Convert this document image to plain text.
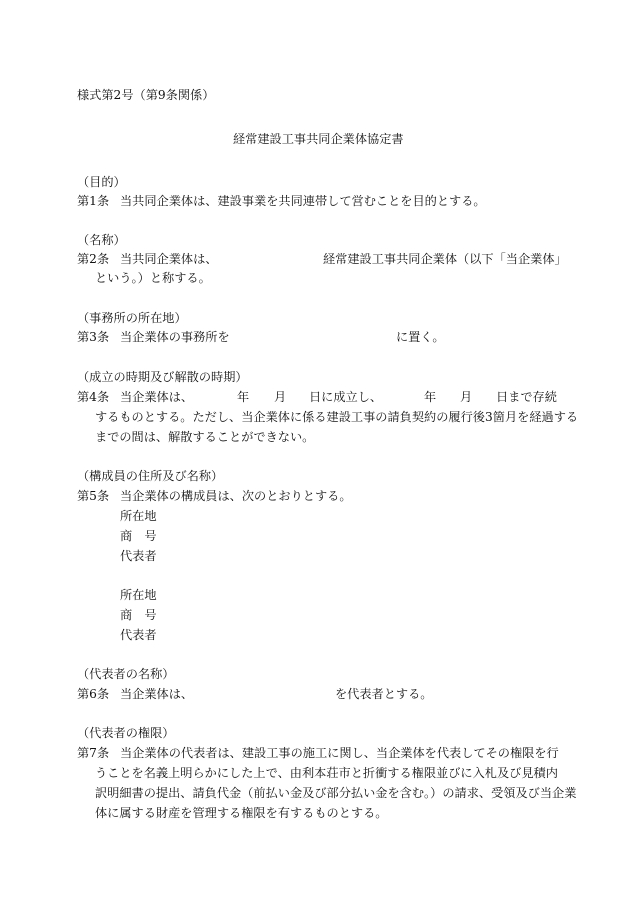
様式第2号（第9条関係）
経常建設工事共同企業体協定書
（目的）
第1条 当共同企業体は、建設事業を共同連帯して営むことを目的とする。
（名称）
第2条 当共同企業体は、	経常建設工事共同企業体（以下「当企業体」
という。）と称する。
（事務所の所在地）
第3条 当企業体の事務所を	に置く。
（成立の時期及び解散の時期）
第4条 当企業体は、	年 月 日に成立し、	年 月 日まで存続
するものとする。ただし、当企業体に係る建設工事の請負契約の履行後3箇月を経過する
までの間は、解散することができない。
（構成員の住所及び名称）
第5条 当企業体の構成員は、次のとおりとする。
所在地
商　号
代表者
所在地
商　号
代表者
（代表者の名称）
第6条 当企業体は、	を代表者とする。
（代表者の権限）
第7条 当企業体の代表者は、建設工事の施工に関し、当企業体を代表してその権限を行
うことを名義上明らかにした上で、由利本荘市と折衝する権限並びに入札及び見積内
訳明細書の提出、請負代金（前払い金及び部分払い金を含む。）の請求、受領及び当企業
体に属する財産を管理する権限を有するものとする。
